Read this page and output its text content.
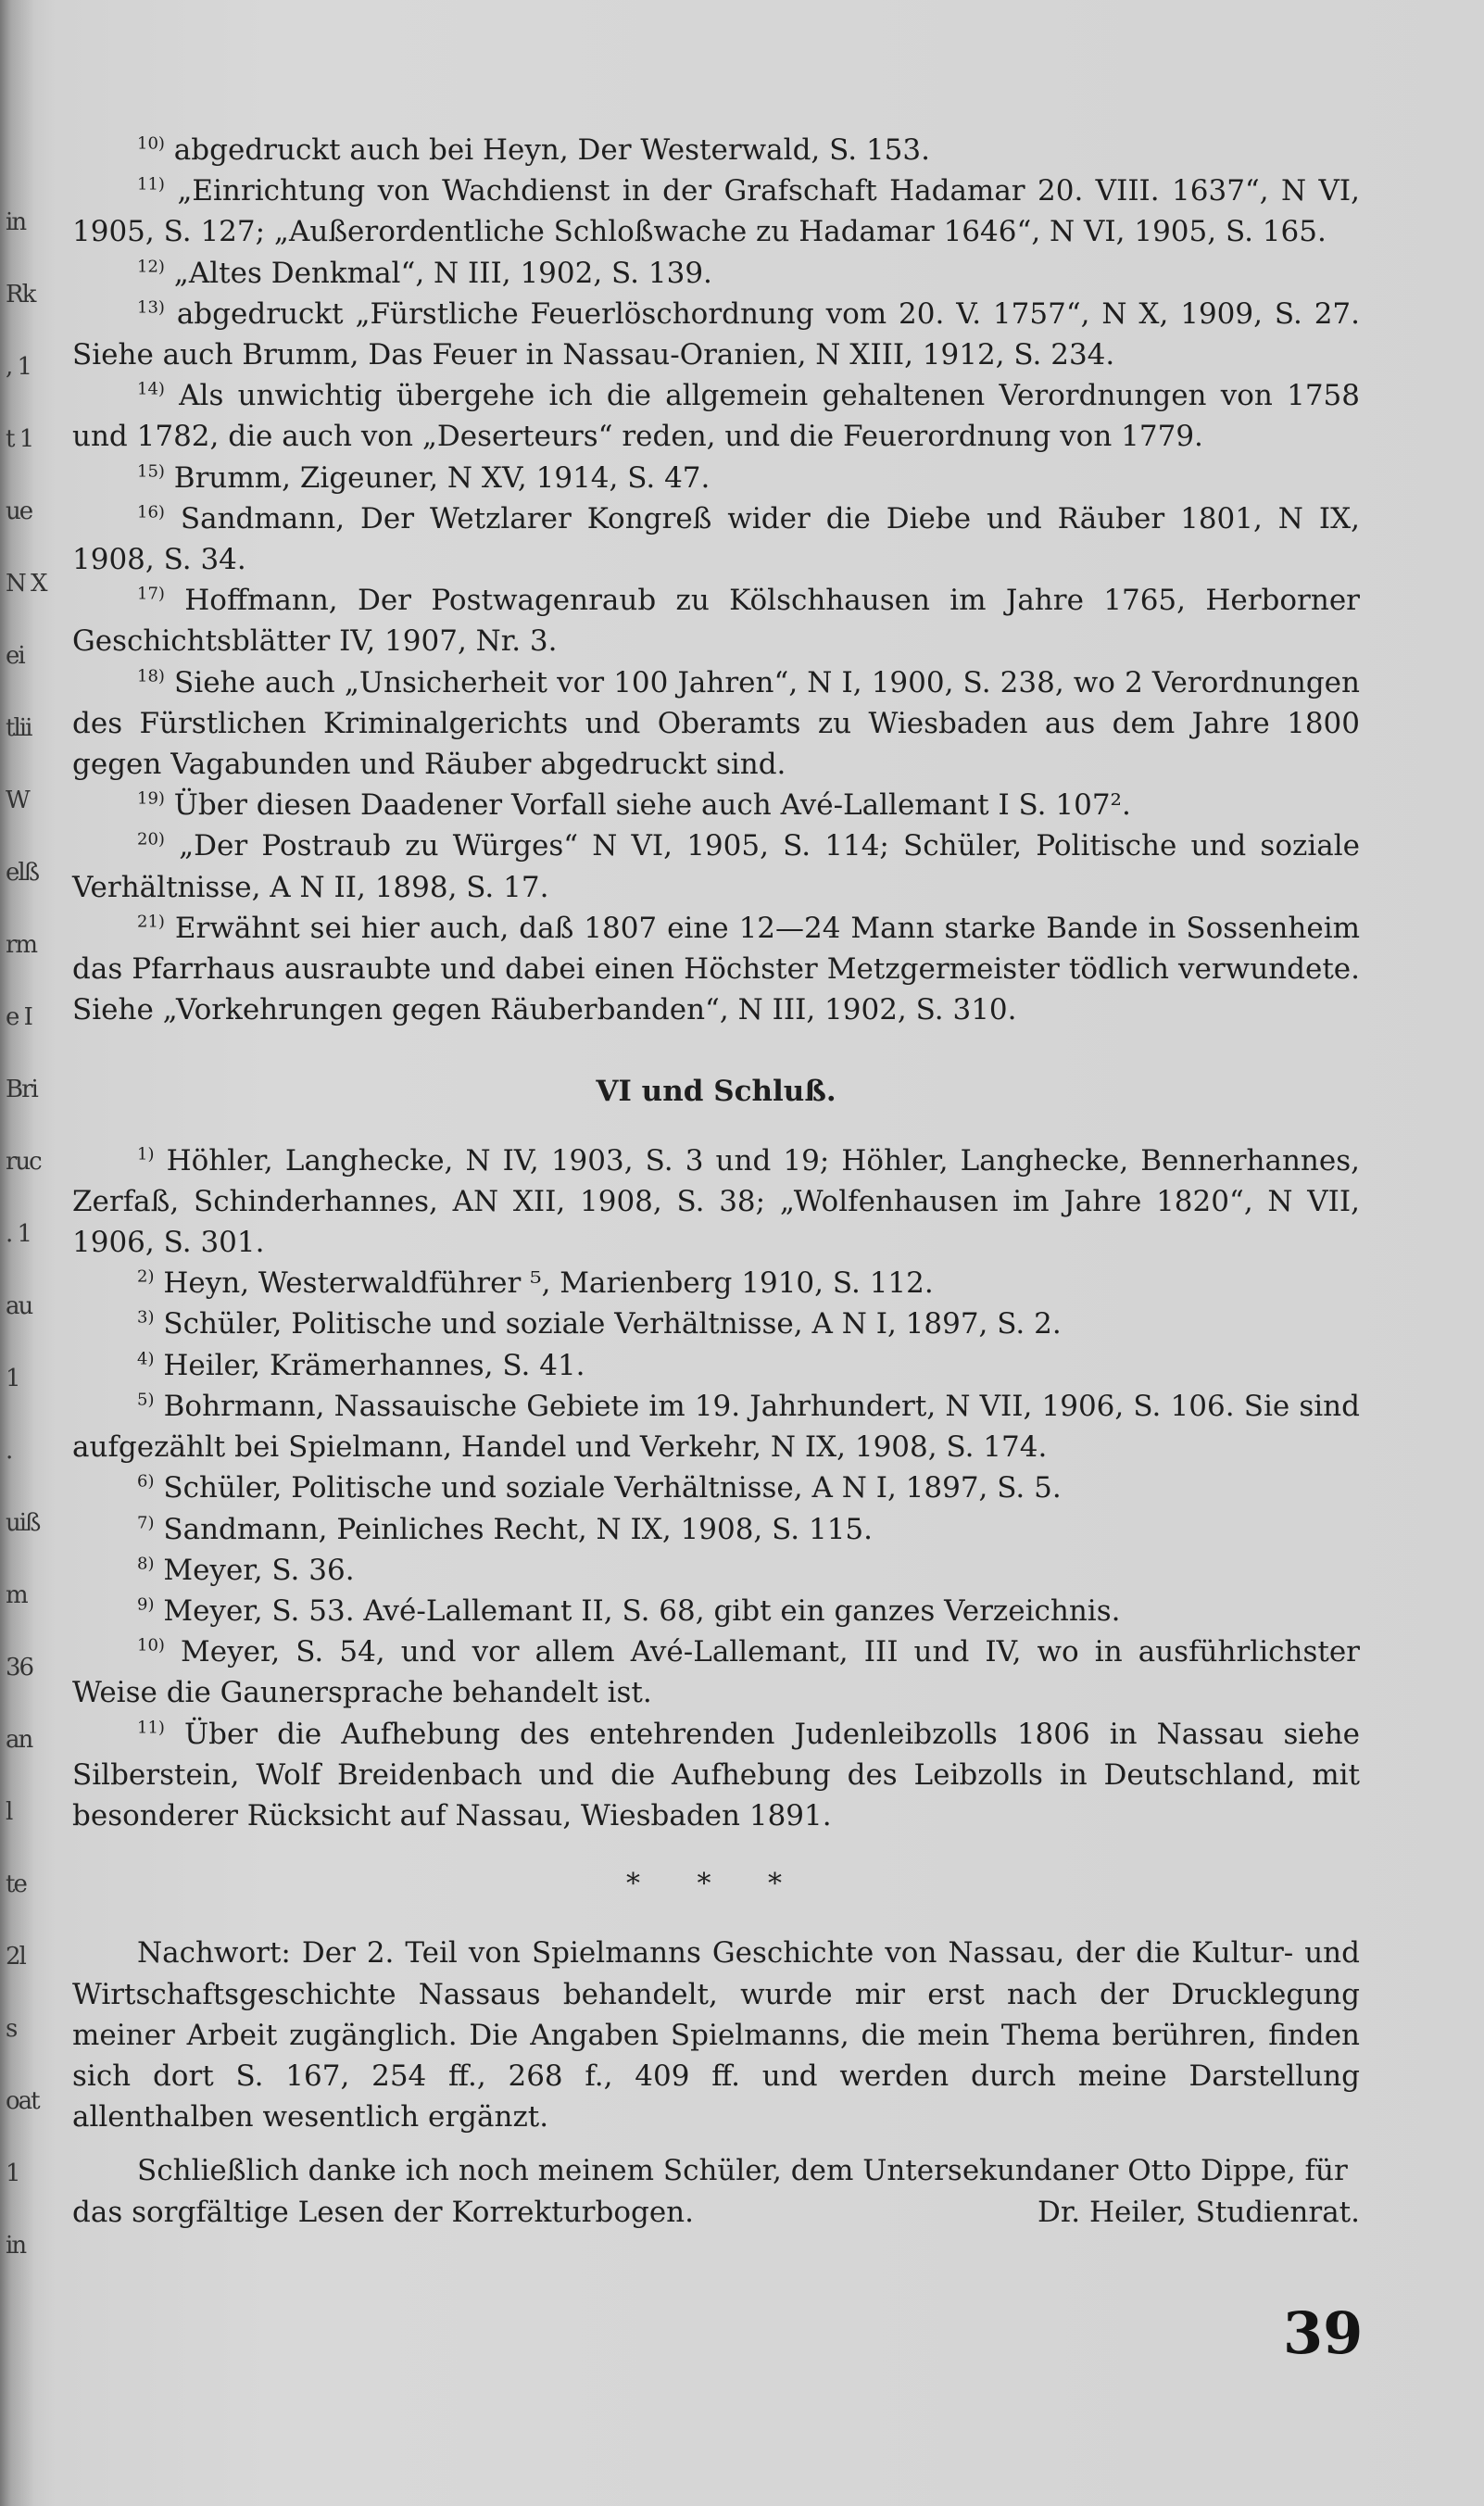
in
Rk
, 1
t 1
ue
N X
ei
tlii
W
elß
rm
e I
Bri
ruc
. 1
au
1
.
uiß
m
36
an
l
te
2l
s
oat
1
in

$^{10)}$ abgedruckt auch bei Heyn, Der Westerwald, S. 153.

$^{11)}$ „Einrichtung von Wachdienst in der Grafschaft Hadamar 20. VIII. 1637“, N VI, 1905, S. 127; „Außerordentliche Schloßwache zu Hadamar 1646“, N VI, 1905, S. 165.

$^{12)}$ „Altes Denkmal“, N III, 1902, S. 139.

$^{13)}$ abgedruckt „Fürstliche Feuerlöschordnung vom 20. V. 1757“, N X, 1909, S. 27. Siehe auch Brumm, Das Feuer in Nassau-Oranien, N XIII, 1912, S. 234.

$^{14)}$ Als unwichtig übergehe ich die allgemein gehaltenen Verordnungen von 1758 und 1782, die auch von „Deserteurs“ reden, und die Feuerordnung von 1779.

$^{15)}$ Brumm, Zigeuner, N XV, 1914, S. 47.

$^{16)}$ Sandmann, Der Wetzlarer Kongreß wider die Diebe und Räuber 1801, N IX, 1908, S. 34.

$^{17)}$ Hoffmann, Der Postwagenraub zu Kölschhausen im Jahre 1765, Herborner Geschichtsblätter IV, 1907, Nr. 3.

$^{18)}$ Siehe auch „Unsicherheit vor 100 Jahren“, N I, 1900, S. 238, wo 2 Verordnungen des Fürstlichen Kriminalgerichts und Oberamts zu Wiesbaden aus dem Jahre 1800 gegen Vagabunden und Räuber abgedruckt sind.

$^{19)}$ Über diesen Daadener Vorfall siehe auch Avé-Lallemant I S. 107².

$^{20)}$ „Der Postraub zu Würges“ N VI, 1905, S. 114; Schüler, Politische und soziale Verhältnisse, A N II, 1898, S. 17.

$^{21)}$ Erwähnt sei hier auch, daß 1807 eine 12—24 Mann starke Bande in Sossenheim das Pfarrhaus ausraubte und dabei einen Höchster Metzgermeister tödlich verwundete. Siehe „Vorkehrungen gegen Räuberbanden“, N III, 1902, S. 310.

VI und Schluß.

$^{1)}$ Höhler, Langhecke, N IV, 1903, S. 3 und 19; Höhler, Langhecke, Bennerhannes, Zerfaß, Schinderhannes, AN XII, 1908, S. 38; „Wolfenhausen im Jahre 1820“, N VII, 1906, S. 301.

$^{2)}$ Heyn, Westerwaldführer ⁵, Marienberg 1910, S. 112.

$^{3)}$ Schüler, Politische und soziale Verhältnisse, A N I, 1897, S. 2.

$^{4)}$ Heiler, Krämerhannes, S. 41.

$^{5)}$ Bohrmann, Nassauische Gebiete im 19. Jahrhundert, N VII, 1906, S. 106. Sie sind aufgezählt bei Spielmann, Handel und Verkehr, N IX, 1908, S. 174.

$^{6)}$ Schüler, Politische und soziale Verhältnisse, A N I, 1897, S. 5.

$^{7)}$ Sandmann, Peinliches Recht, N IX, 1908, S. 115.

$^{8)}$ Meyer, S. 36.

$^{9)}$ Meyer, S. 53. Avé-Lallemant II, S. 68, gibt ein ganzes Verzeichnis.

$^{10)}$ Meyer, S. 54, und vor allem Avé-Lallemant, III und IV, wo in ausführlichster Weise die Gaunersprache behandelt ist.

$^{11)}$ Über die Aufhebung des entehrenden Judenleibzolls 1806 in Nassau siehe Silberstein, Wolf Breidenbach und die Aufhebung des Leibzolls in Deutschland, mit besonderer Rücksicht auf Nassau, Wiesbaden 1891.

* * *

Nachwort: Der 2. Teil von Spielmanns Geschichte von Nassau, der die Kultur- und Wirtschaftsgeschichte Nassaus behandelt, wurde mir erst nach der Drucklegung meiner Arbeit zugänglich. Die Angaben Spielmanns, die mein Thema berühren, finden sich dort S. 167, 254 ff., 268 f., 409 ff. und werden durch meine Darstellung allenthalben wesentlich ergänzt.

Schließlich danke ich noch meinem Schüler, dem Untersekundaner Otto Dippe, für

das sorgfältige Lesen der Korrekturbogen.	Dr. Heiler, Studienrat.
39
